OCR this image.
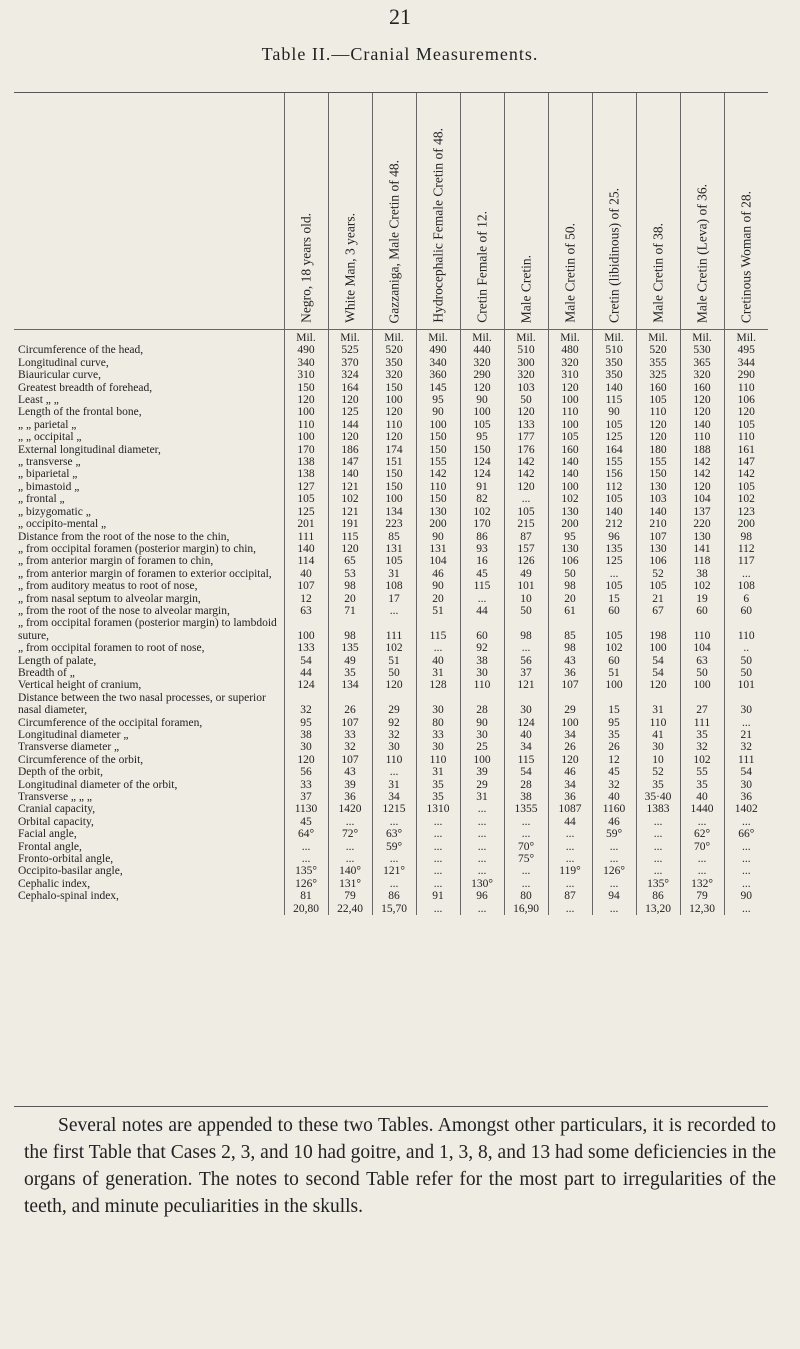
21
Table II.—Cranial Measurements.

	Negro, 18 years old.	White Man, 3 years.	Gazzaniga, Male Cretin of 48.	Hydrocephalic Female Cretin of 48.	Cretin Female of 12.	Male Cretin.	Male Cretin of 50.	Cretin (libidinous) of 25.	Male Cretin of 38.	Male Cretin (Leva) of 36.	Cretinous Woman of 28.

	Mil.	Mil.	Mil.	Mil.	Mil.	Mil.	Mil.	Mil.	Mil.	Mil.	Mil.
Circumference of the head,	490	525	520	490	440	510	480	510	520	530	495
Longitudinal curve,	340	370	350	340	320	300	320	350	355	365	344
Biauricular curve,	310	324	320	360	290	320	310	350	325	320	290
Greatest breadth of forehead,	150	164	150	145	120	103	120	140	160	160	110
Least „ „	120	120	100	95	90	50	100	115	105	120	106
Length of the frontal bone,	100	125	120	90	100	120	110	90	110	120	120
„ „ parietal „	110	144	110	100	105	133	100	105	120	140	105
„ „ occipital „	100	120	120	150	95	177	105	125	120	110	110
External longitudinal diameter,	170	186	174	150	150	176	160	164	180	188	161
„ transverse „	138	147	151	155	124	142	140	155	155	142	147
„ biparietal „	138	140	150	142	124	142	140	156	150	142	142
„ bimastoid „	127	121	150	110	91	120	100	112	130	120	105
„ frontal „	105	102	100	150	82	...	102	105	103	104	102
„ bizygomatic „	125	121	134	130	102	105	130	140	140	137	123
„ occipito-mental „	201	191	223	200	170	215	200	212	210	220	200
Distance from the root of the nose to the chin,	111	115	85	90	86	87	95	96	107	130	98
„ from occipital foramen (posterior margin) to chin,	140	120	131	131	93	157	130	135	130	141	112
„ from anterior margin of foramen to chin,	114	65	105	104	16	126	106	125	106	118	117
„ from anterior margin of foramen to exterior occipital,	40	53	31	46	45	49	50	...	52	38	...
„ from auditory meatus to root of nose,	107	98	108	90	115	101	98	105	105	102	108
„ from nasal septum to alveolar margin,	12	20	17	20	...	10	20	15	21	19	6
„ from the root of the nose to alveolar margin,	63	71	...	51	44	50	61	60	67	60	60
„ from occipital foramen (posterior margin) to lambdoid suture,	100	98	111	115	60	98	85	105	198	110	110
„ from occipital foramen to root of nose,	133	135	102	...	92	...	98	102	100	104	..
Length of palate,	54	49	51	40	38	56	43	60	54	63	50
Breadth of „	44	35	50	31	30	37	36	51	54	50	50
Vertical height of cranium,	124	134	120	128	110	121	107	100	120	100	101
Distance between the two nasal processes, or superior nasal diameter,	32	26	29	30	28	30	29	15	31	27	30
Circumference of the occipital foramen,	95	107	92	80	90	124	100	95	110	111	...
Longitudinal diameter „	38	33	32	33	30	40	34	35	41	35	21
Transverse diameter „	30	32	30	30	25	34	26	26	30	32	32
Circumference of the orbit,	120	107	110	110	100	115	120	12	10	102	111
Depth of the orbit,	56	43	...	31	39	54	46	45	52	55	54
Longitudinal diameter of the orbit,	33	39	31	35	29	28	34	32	35	35	30
Transverse „ „ „	37	36	34	35	31	38	36	40	35·40	40	36
Cranial capacity,	1130	1420	1215	1310	...	1355	1087	1160	1383	1440	1402
Orbital capacity,	45	...	...	...	...	...	44	46	...	...	...
Facial angle,	64°	72°	63°	...	...	...	...	59°	...	62°	66°
Frontal angle,	...	...	59°	...	...	70°	...	...	...	70°	...
Fronto-orbital angle,	...	...	...	...	...	75°	...	...	...	...	...
Occipito-basilar angle,	135°	140°	121°	...	...	...	119°	126°	...	...	...
Cephalic index,	126°	131°	...	...	130°	...	...	...	135°	132°	...
Cephalo-spinal index,	81	79	86	91	96	80	87	94	86	79	90
	20,80	22,40	15,70	...	...	16,90	...	...	13,20	12,30	...

Several notes are appended to these two Tables. Amongst other particulars, it is recorded to the first Table that Cases 2, 3, and 10 had goitre, and 1, 3, 8, and 13 had some deficiencies in the organs of generation. The notes to second Table refer for the most part to irregularities of the teeth, and minute peculiarities in the skulls.
